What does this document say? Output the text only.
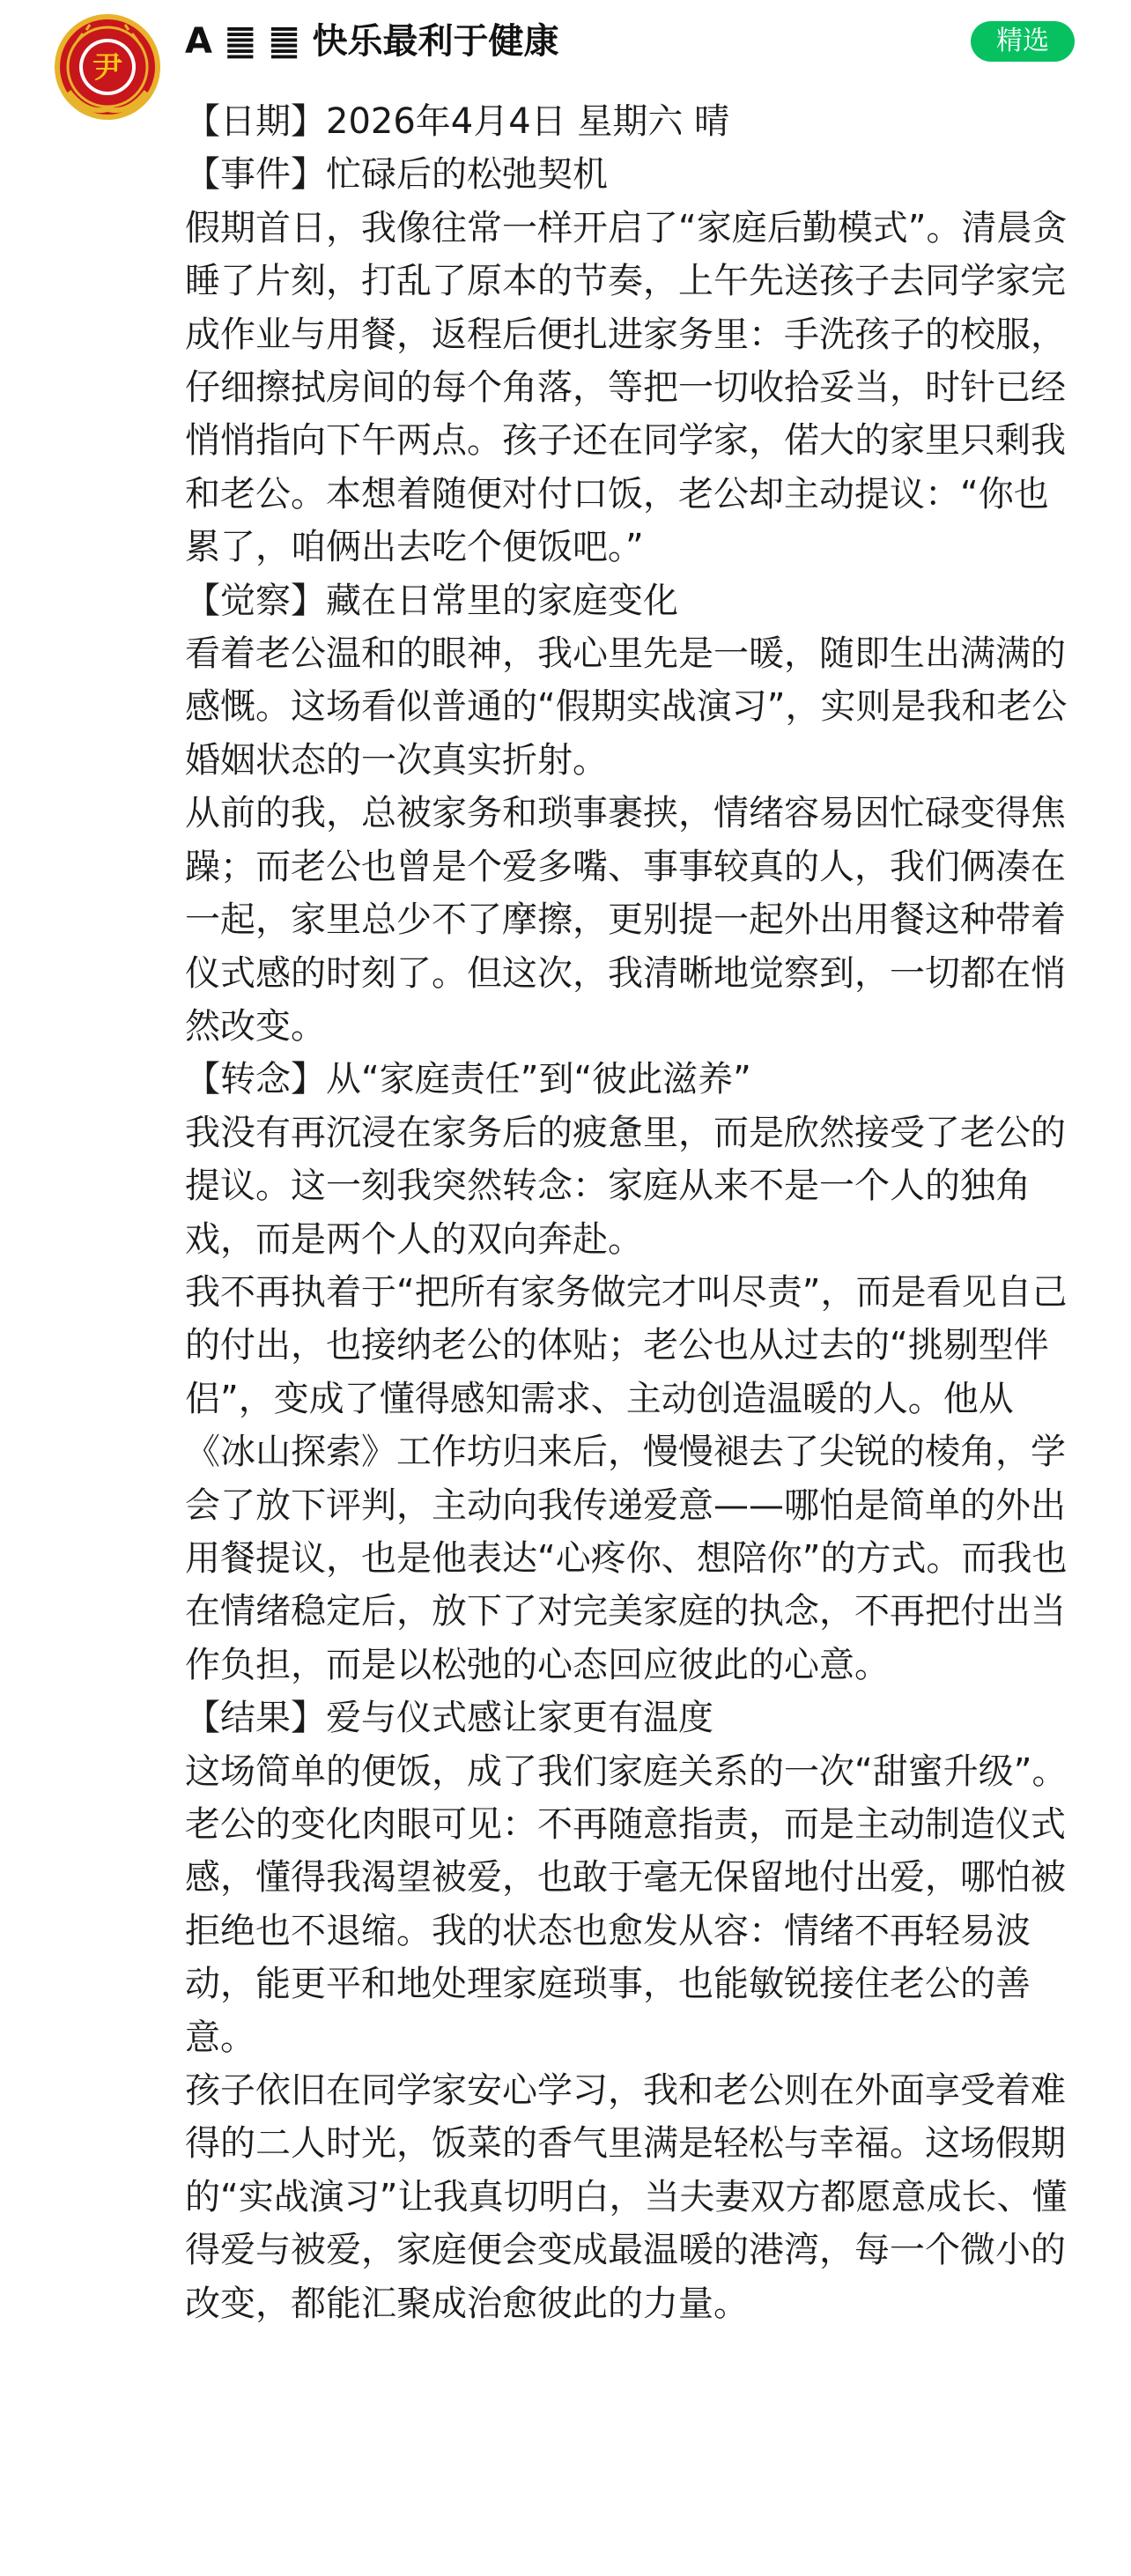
尹
A ䷀ ䷀ 快乐最利于健康	精选

【日期】2026年4月4日 星期六 晴

【事件】忙碌后的松弛契机

假期首日，我像往常一样开启了“家庭后勤模式”。清晨贪睡了片刻，打乱了原本的节奏，上午先送孩子去同学家完成作业与用餐，返程后便扎进家务里：手洗孩子的校服，仔细擦拭房间的每个角落，等把一切收拾妥当，时针已经悄悄指向下午两点。孩子还在同学家，偌大的家里只剩我和老公。本想着随便对付口饭，老公却主动提议：“你也累了，咱俩出去吃个便饭吧。”

【觉察】藏在日常里的家庭变化

看着老公温和的眼神，我心里先是一暖，随即生出满满的感慨。这场看似普通的“假期实战演习”，实则是我和老公婚姻状态的一次真实折射。

从前的我，总被家务和琐事裹挟，情绪容易因忙碌变得焦躁；而老公也曾是个爱多嘴、事事较真的人，我们俩凑在一起，家里总少不了摩擦，更别提一起外出用餐这种带着仪式感的时刻了。但这次，我清晰地觉察到，一切都在悄然改变。

【转念】从“家庭责任”到“彼此滋养”

我没有再沉浸在家务后的疲惫里，而是欣然接受了老公的提议。这一刻我突然转念：家庭从来不是一个人的独角戏，而是两个人的双向奔赴。

我不再执着于“把所有家务做完才叫尽责”，而是看见自己的付出，也接纳老公的体贴；老公也从过去的“挑剔型伴侣”，变成了懂得感知需求、主动创造温暖的人。他从《冰山探索》工作坊归来后，慢慢褪去了尖锐的棱角，学会了放下评判，主动向我传递爱意——哪怕是简单的外出用餐提议，也是他表达“心疼你、想陪你”的方式。而我也在情绪稳定后，放下了对完美家庭的执念，不再把付出当作负担，而是以松弛的心态回应彼此的心意。

【结果】爱与仪式感让家更有温度

这场简单的便饭，成了我们家庭关系的一次“甜蜜升级”。

老公的变化肉眼可见：不再随意指责，而是主动制造仪式感，懂得我渴望被爱，也敢于毫无保留地付出爱，哪怕被拒绝也不退缩。我的状态也愈发从容：情绪不再轻易波动，能更平和地处理家庭琐事，也能敏锐接住老公的善意。

孩子依旧在同学家安心学习，我和老公则在外面享受着难得的二人时光，饭菜的香气里满是轻松与幸福。这场假期的“实战演习”让我真切明白，当夫妻双方都愿意成长、懂得爱与被爱，家庭便会变成最温暖的港湾，每一个微小的改变，都能汇聚成治愈彼此的力量。
